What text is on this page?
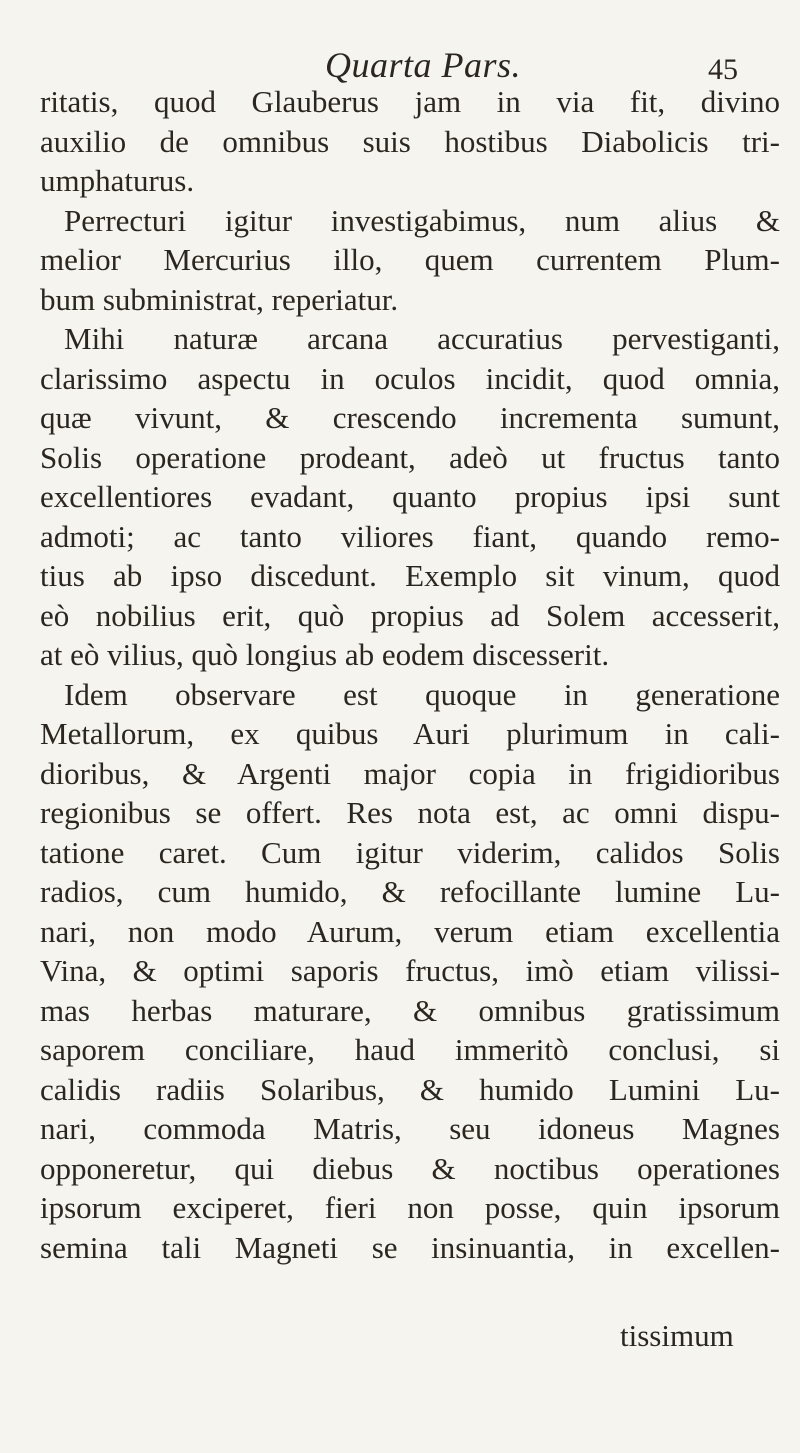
Quarta Pars.	45
ritatis, quod Glauberus jam in via fit, divino
auxilio de omnibus suis hostibus Diabolicis tri-
umphaturus.
Perrecturi igitur investigabimus, num alius &
melior Mercurius illo, quem currentem Plum-
bum subministrat, reperiatur.
Mihi naturæ arcana accuratius pervestiganti,
clarissimo aspectu in oculos incidit, quod omnia,
quæ vivunt, & crescendo incrementa sumunt,
Solis operatione prodeant, adeò ut fructus tanto
excellentiores evadant, quanto propius ipsi sunt
admoti; ac tanto viliores fiant, quando remo-
tius ab ipso discedunt. Exemplo sit vinum, quod
eò nobilius erit, quò propius ad Solem accesserit,
at eò vilius, quò longius ab eodem discesserit.
Idem observare est quoque in generatione
Metallorum, ex quibus Auri plurimum in cali-
dioribus, & Argenti major copia in frigidioribus
regionibus se offert. Res nota est, ac omni dispu-
tatione caret. Cum igitur viderim, calidos Solis
radios, cum humido, & refocillante lumine Lu-
nari, non modo Aurum, verum etiam excellentia
Vina, & optimi saporis fructus, imò etiam vilissi-
mas herbas maturare, & omnibus gratissimum
saporem conciliare, haud immeritò conclusi, si
calidis radiis Solaribus, & humido Lumini Lu-
nari, commoda Matris, seu idoneus Magnes
opponeretur, qui diebus & noctibus operationes
ipsorum exciperet, fieri non posse, quin ipsorum
semina tali Magneti se insinuantia, in excellen-
tissimum
